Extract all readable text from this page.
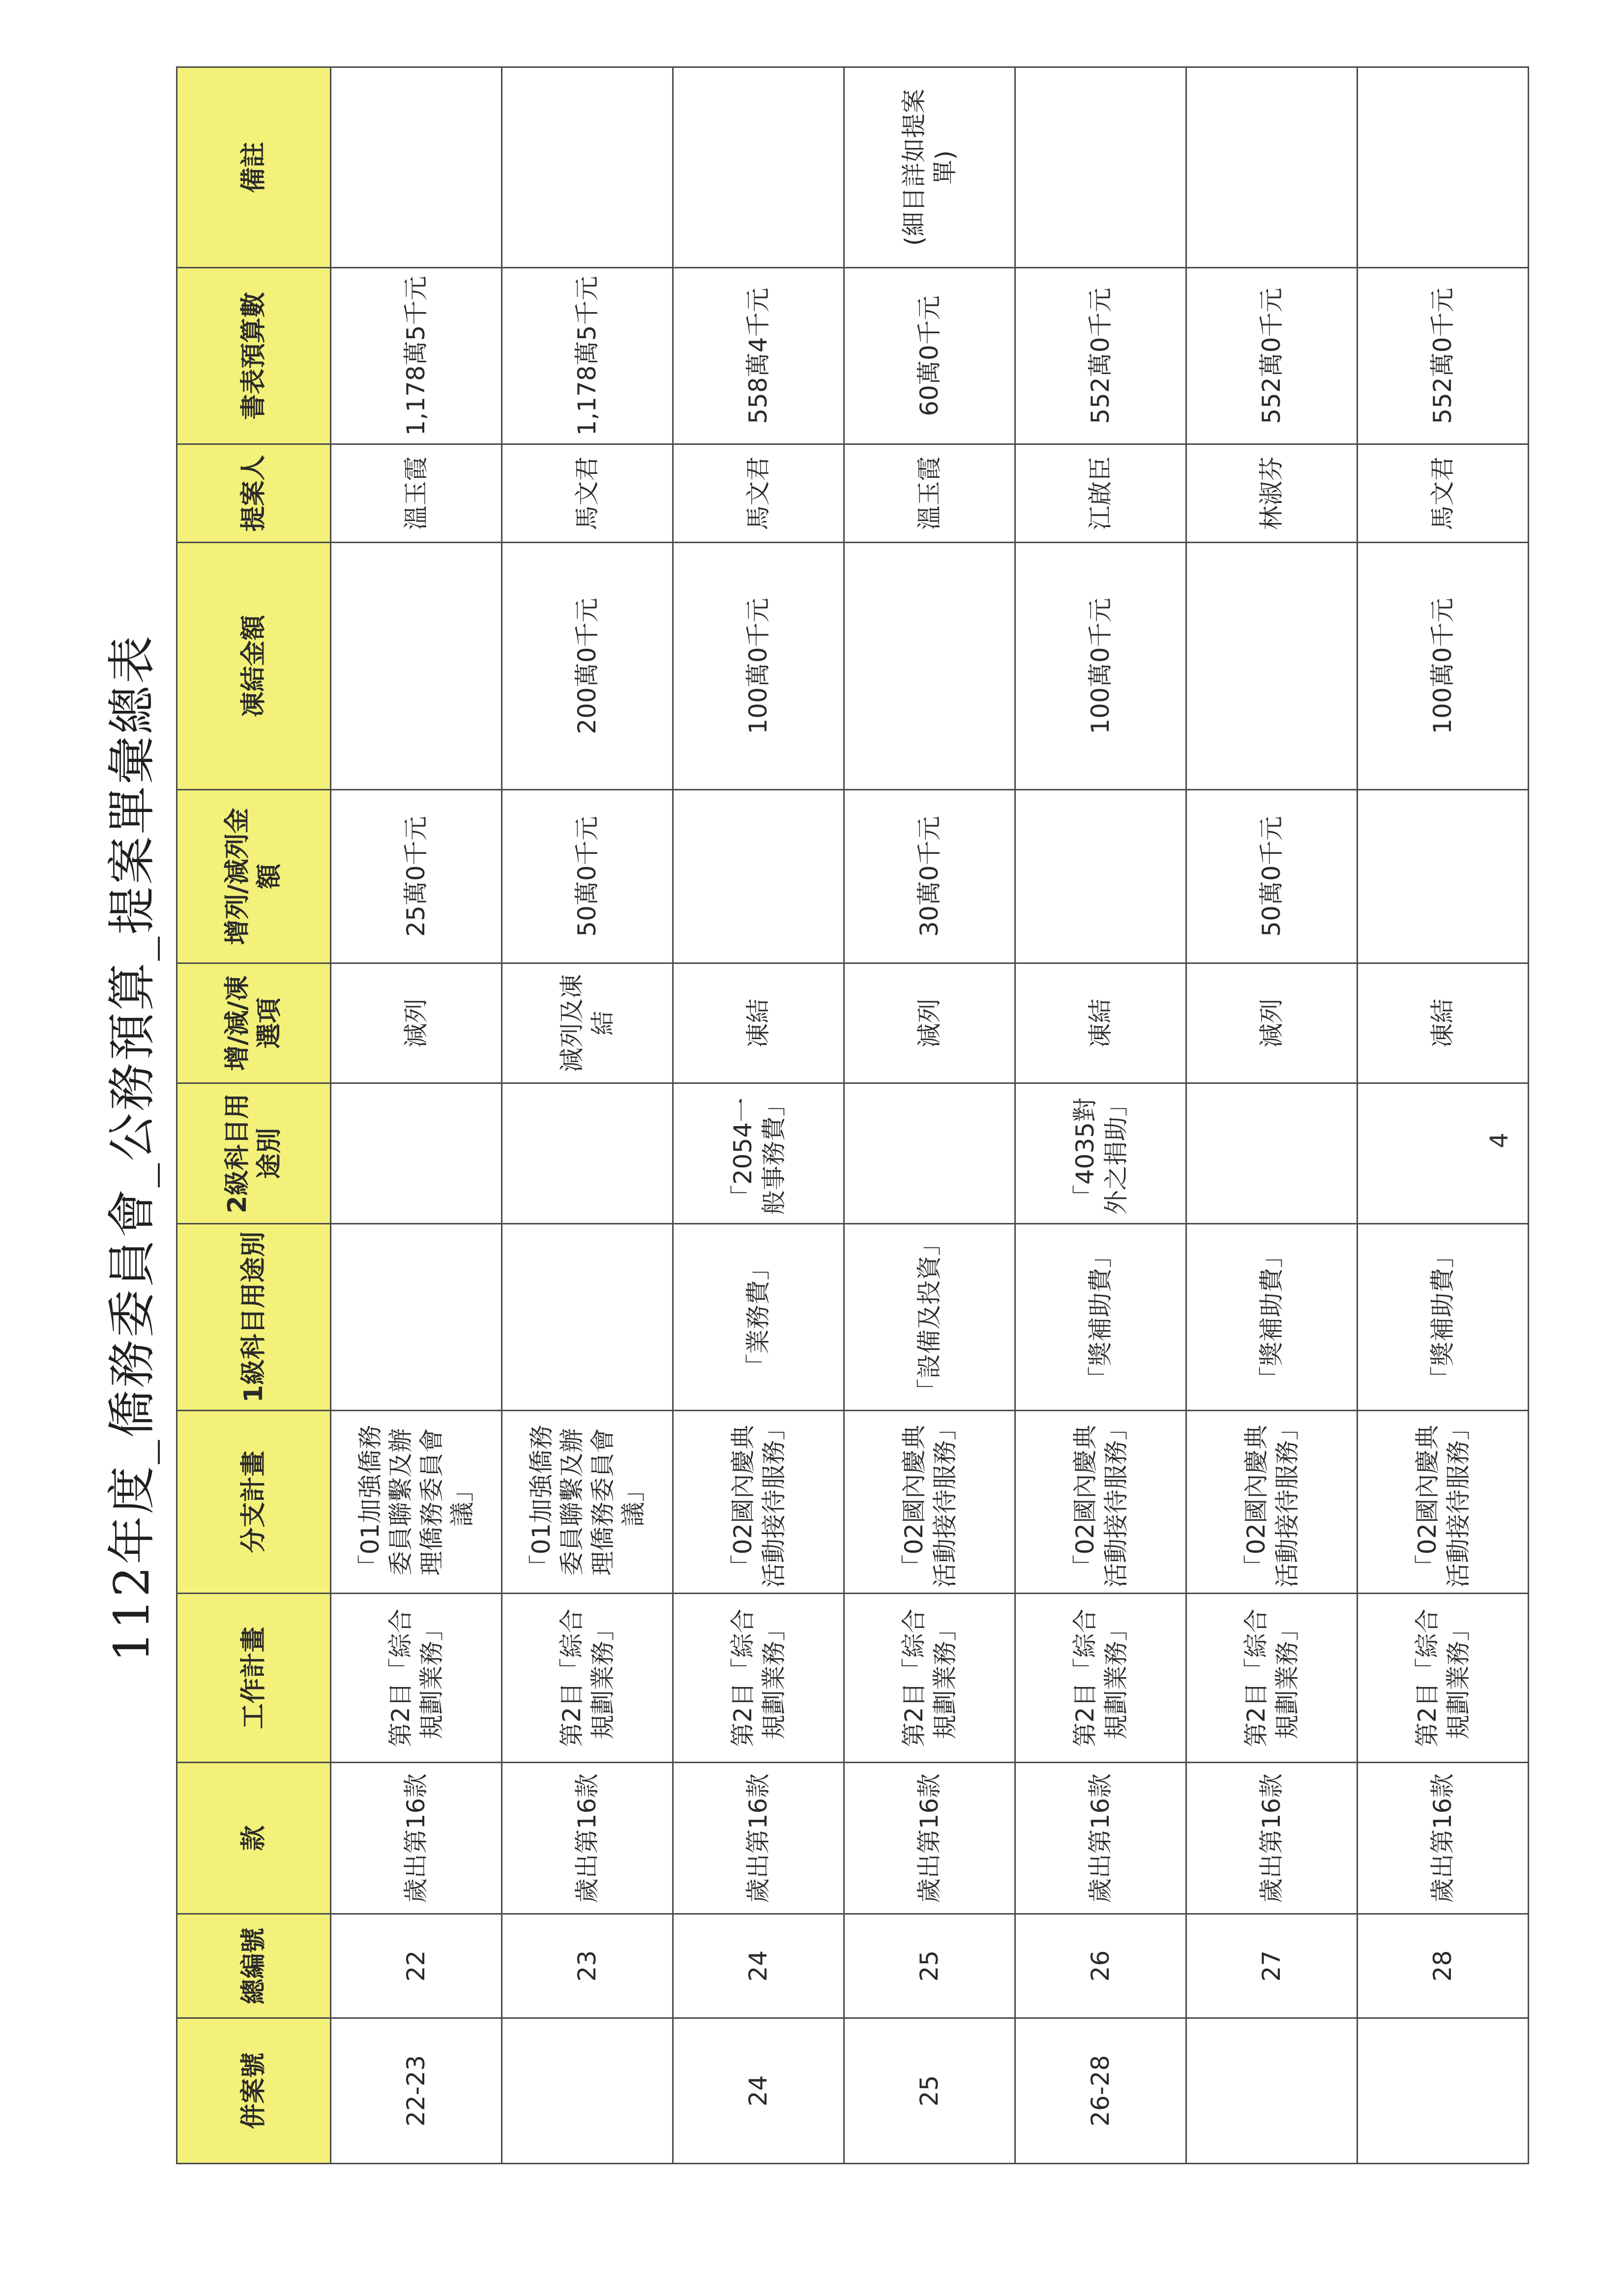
112年度_僑務委員會_公務預算_提案單彙總表
併案號	總編號	款	工作計畫	分支計畫	1級科目用途別	2級科目用途別	增/減/凍選項	增列/減列金額	凍結金額	提案人	書表預算數	備註
22-23	22	歲出第16款	第2目「綜合規劃業務」	「01加強僑務委員聯繫及辦理僑務委員會議」			減列	25萬0千元		溫玉霞	1,178萬5千元	
	23	歲出第16款	第2目「綜合規劃業務」	「01加強僑務委員聯繫及辦理僑務委員會議」			減列及凍結	50萬0千元	200萬0千元	馬文君	1,178萬5千元	
24	24	歲出第16款	第2目「綜合規劃業務」	「02國內慶典活動接待服務」	「業務費」	「2054一般事務費」	凍結		100萬0千元	馬文君	558萬4千元	
25	25	歲出第16款	第2目「綜合規劃業務」	「02國內慶典活動接待服務」	「設備及投資」		減列	30萬0千元		溫玉霞	60萬0千元	(細目詳如提案單)
26-28	26	歲出第16款	第2目「綜合規劃業務」	「02國內慶典活動接待服務」	「獎補助費」	「4035對外之捐助」	凍結		100萬0千元	江啟臣	552萬0千元	
	27	歲出第16款	第2目「綜合規劃業務」	「02國內慶典活動接待服務」	「獎補助費」		減列	50萬0千元		林淑芬	552萬0千元	
	28	歲出第16款	第2目「綜合規劃業務」	「02國內慶典活動接待服務」	「獎補助費」		凍結		100萬0千元	馬文君	552萬0千元	
4
